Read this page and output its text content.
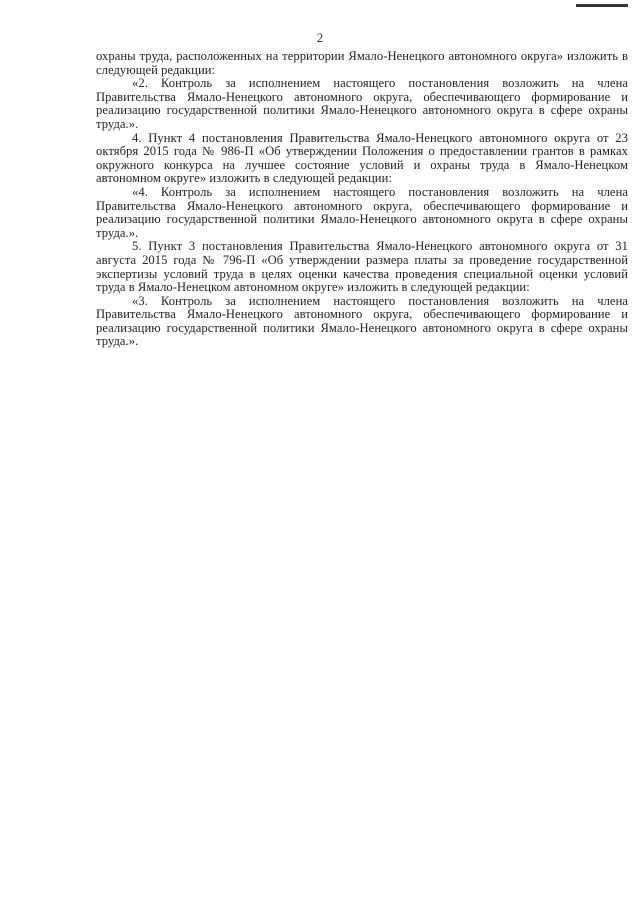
2

охраны труда, расположенных на территории Ямало-Ненецкого автономного округа» изложить в следующей редакции:

«2. Контроль за исполнением настоящего постановления возложить на члена Правительства Ямало-Ненецкого автономного округа, обеспечивающего формирование и реализацию государственной политики Ямало-Ненецкого автономного округа в сфере охраны труда.».

4. Пункт 4 постановления Правительства Ямало-Ненецкого автономного округа от 23 октября 2015 года № 986-П «Об утверждении Положения о предоставлении грантов в рамках окружного конкурса на лучшее состояние условий и охраны труда в Ямало-Ненецком автономном округе» изложить в следующей редакции:

«4. Контроль за исполнением настоящего постановления возложить на члена Правительства Ямало-Ненецкого автономного округа, обеспечивающего формирование и реализацию государственной политики Ямало-Ненецкого автономного округа в сфере охраны труда.».

5. Пункт 3 постановления Правительства Ямало-Ненецкого автономного округа от 31 августа 2015 года № 796-П «Об утверждении размера платы за проведение государственной экспертизы условий труда в целях оценки качества проведения специальной оценки условий труда в Ямало-Ненецком автономном округе» изложить в следующей редакции:

«3. Контроль за исполнением настоящего постановления возложить на члена Правительства Ямало-Ненецкого автономного округа, обеспечивающего формирование и реализацию государственной политики Ямало-Ненецкого автономного округа в сфере охраны труда.».
